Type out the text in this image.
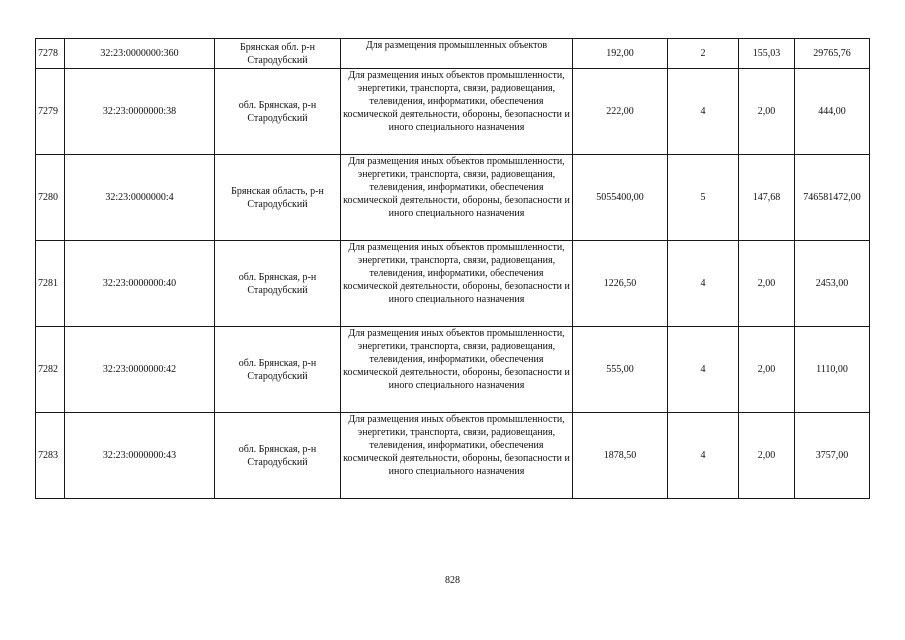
7278	32:23:0000000:360	Брянская обл. р-н Стародубский	Для размещения промышленных объектов	192,00	2	155,03	29765,76
7279	32:23:0000000:38	обл. Брянская, р-н Стародубский	Для размещения иных объектов промышленности, энергетики, транспорта, связи, радиовещания, телевидения, информатики, обеспечения космической деятельности, обороны, безопасности и иного специального назначения	222,00	4	2,00	444,00
7280	32:23:0000000:4	Брянская область, р-н Стародубский	Для размещения иных объектов промышленности, энергетики, транспорта, связи, радиовещания, телевидения, информатики, обеспечения космической деятельности, обороны, безопасности и иного специального назначения	5055400,00	5	147,68	746581472,00
7281	32:23:0000000:40	обл. Брянская, р-н Стародубский	Для размещения иных объектов промышленности, энергетики, транспорта, связи, радиовещания, телевидения, информатики, обеспечения космической деятельности, обороны, безопасности и иного специального назначения	1226,50	4	2,00	2453,00
7282	32:23:0000000:42	обл. Брянская, р-н Стародубский	Для размещения иных объектов промышленности, энергетики, транспорта, связи, радиовещания, телевидения, информатики, обеспечения космической деятельности, обороны, безопасности и иного специального назначения	555,00	4	2,00	1110,00
7283	32:23:0000000:43	обл. Брянская, р-н Стародубский	Для размещения иных объектов промышленности, энергетики, транспорта, связи, радиовещания, телевидения, информатики, обеспечения космической деятельности, обороны, безопасности и иного специального назначения	1878,50	4	2,00	3757,00
828
